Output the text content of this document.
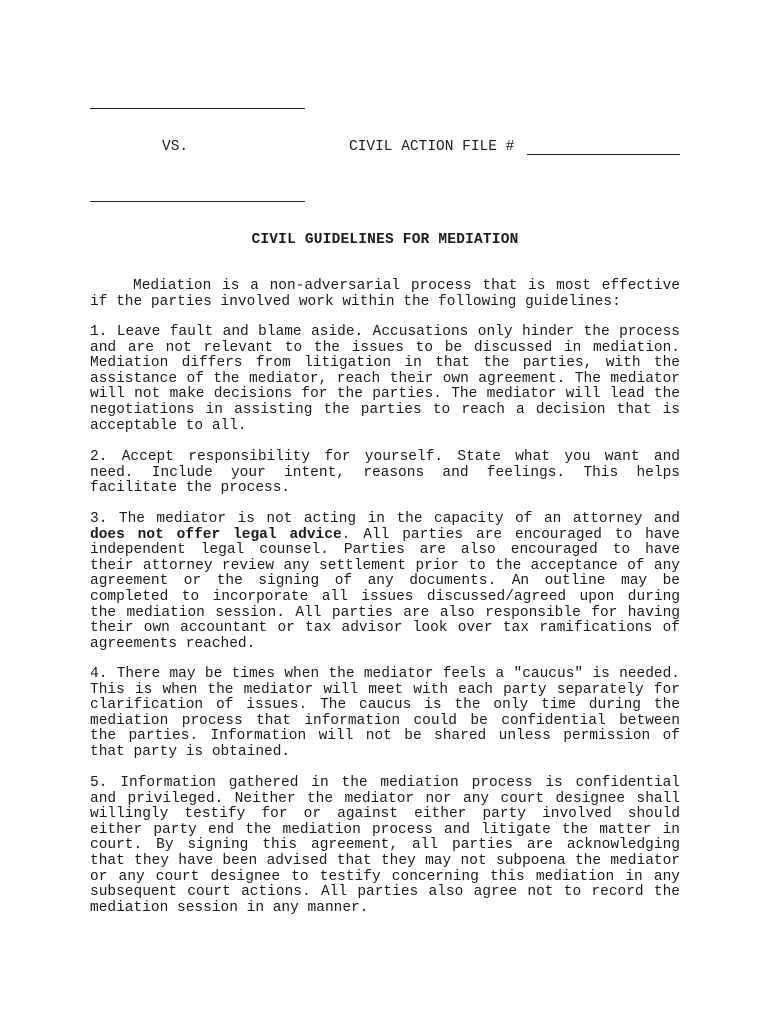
VS.	CIVIL ACTION FILE #
CIVIL GUIDELINES FOR MEDIATION

Mediation is a non-adversarial process that is most effective if the parties involved work within the following guidelines:

1. Leave fault and blame aside. Accusations only hinder the process and are not relevant to the issues to be discussed in mediation. Mediation differs from litigation in that the parties, with the assistance of the mediator, reach their own agreement. The mediator will not make decisions for the parties. The mediator will lead the negotiations in assisting the parties to reach a decision that is acceptable to all.

2. Accept responsibility for yourself. State what you want and need. Include your intent, reasons and feelings. This helps facilitate the process.

3. The mediator is not acting in the capacity of an attorney and does not offer legal advice. All parties are encouraged to have independent legal counsel. Parties are also encouraged to have their attorney review any settlement prior to the acceptance of any agreement or the signing of any documents. An outline may be completed to incorporate all issues discussed/agreed upon during the mediation session. All parties are also responsible for having their own accountant or tax advisor look over tax ramifications of agreements reached.

4. There may be times when the mediator feels a "caucus" is needed. This is when the mediator will meet with each party separately for clarification of issues. The caucus is the only time during the mediation process that information could be confidential between the parties. Information will not be shared unless permission of that party is obtained.

5. Information gathered in the mediation process is confidential and privileged. Neither the mediator nor any court designee shall willingly testify for or against either party involved should either party end the mediation process and litigate the matter in court. By signing this agreement, all parties are acknowledging that they have been advised that they may not subpoena the mediator or any court designee to testify concerning this mediation in any subsequent court actions. All parties also agree not to record the mediation session in any manner.
